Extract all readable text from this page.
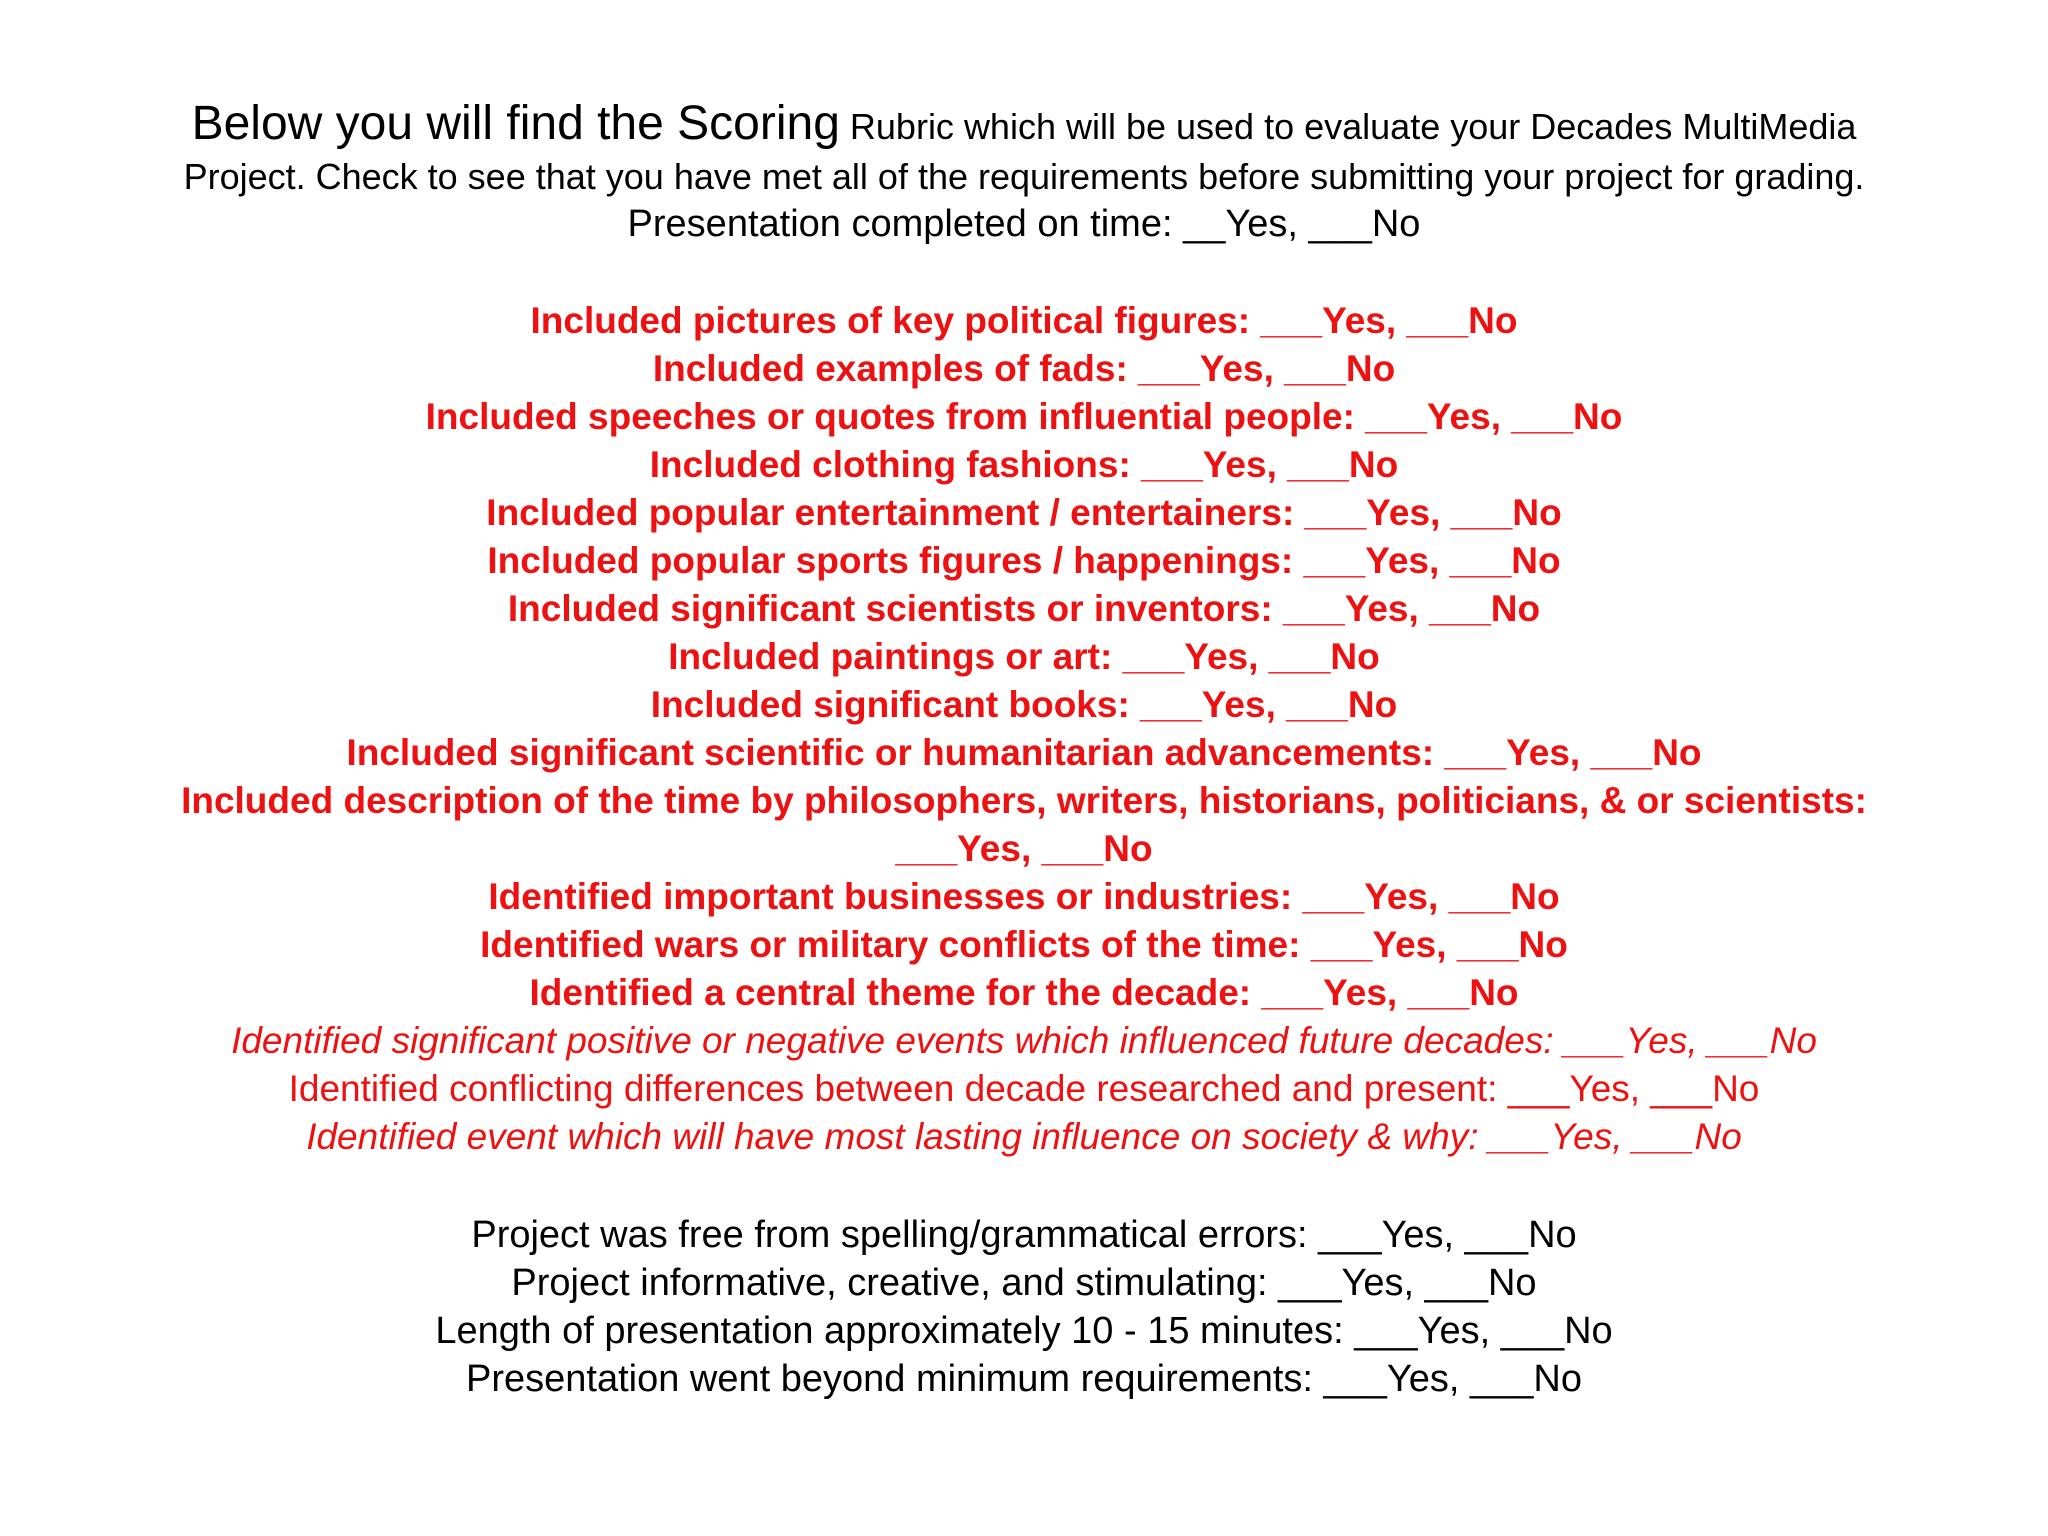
Below you will find the Scoring Rubric which will be used to evaluate your Decades MultiMedia
Project. Check to see that you have met all of the requirements before submitting your project for grading.
Presentation completed on time: __Yes, ___No
Included pictures of key political figures: ___Yes, ___No
Included examples of fads: ___Yes, ___No
Included speeches or quotes from influential people: ___Yes, ___No
Included clothing fashions: ___Yes, ___No
Included popular entertainment / entertainers: ___Yes, ___No
Included popular sports figures / happenings: ___Yes, ___No
Included significant scientists or inventors: ___Yes, ___No
Included paintings or art: ___Yes, ___No
Included significant books: ___Yes, ___No
Included significant scientific or humanitarian advancements: ___Yes, ___No
Included description of the time by philosophers, writers, historians, politicians, & or scientists:
___Yes, ___No
Identified important businesses or industries: ___Yes, ___No
Identified wars or military conflicts of the time: ___Yes, ___No
Identified a central theme for the decade: ___Yes, ___No
Identified significant positive or negative events which influenced future decades: ___Yes, ___No
Identified conflicting differences between decade researched and present: ___Yes, ___No
Identified event which will have most lasting influence on society & why: ___Yes, ___No
Project was free from spelling/grammatical errors: ___Yes, ___No
Project informative, creative, and stimulating: ___Yes, ___No
Length of presentation approximately 10 - 15 minutes: ___Yes, ___No
Presentation went beyond minimum requirements: ___Yes, ___No
